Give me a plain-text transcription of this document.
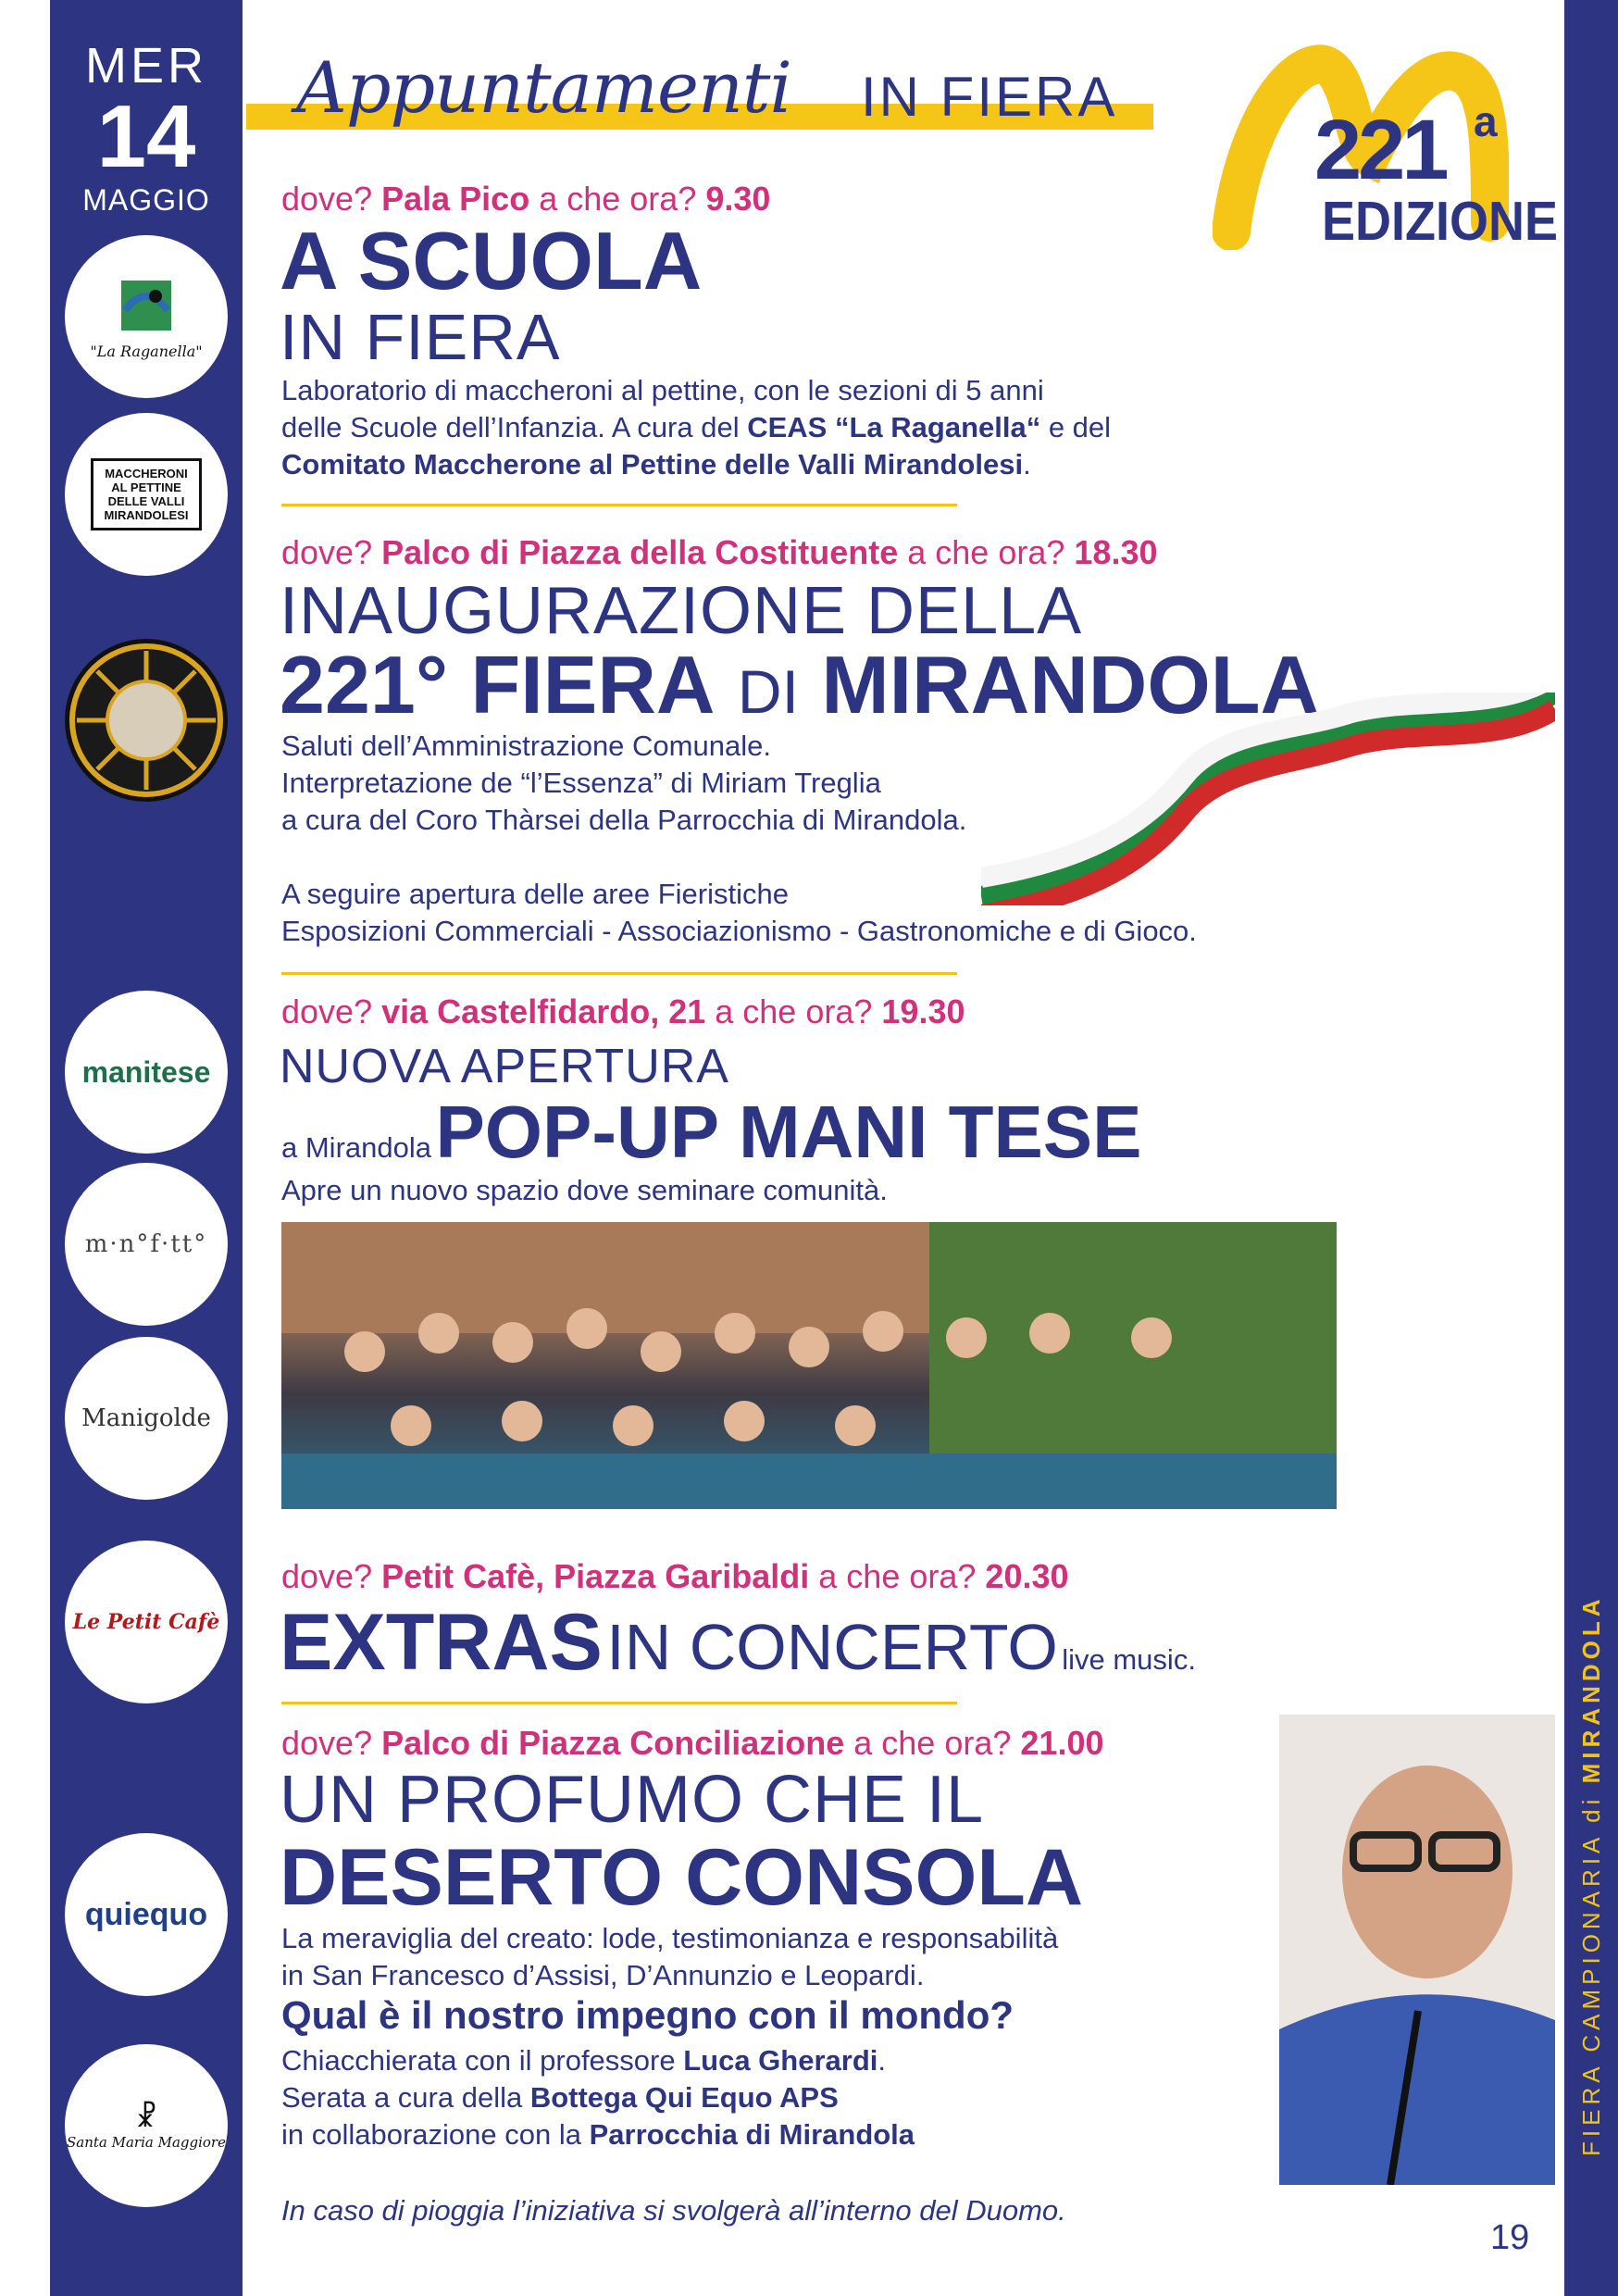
MER
14
MAGGIO
"La Raganella"
MACCHERONI AL PETTINE DELLE VALLI MIRANDOLESI
manitese
m·n°f·tt°
Manigolde
Le Petit Cafè
quiequo
☧
Santa Maria Maggiore	FIERA CAMPIONARIA di MIRANDOLA
Appuntamenti IN FIERA
221 a
EDIZIONE
dove? Pala Pico a che ora? 9.30
A SCUOLA
IN FIERA
Laboratorio di maccheroni al pettine, con le sezioni di 5 anni
delle Scuole dell’Infanzia. A cura del CEAS “La Raganella“ e del
Comitato Maccherone al Pettine delle Valli Mirandolesi.
dove? Palco di Piazza della Costituente a che ora? 18.30
INAUGURAZIONE DELLA
221° FIERA DI MIRANDOLA
Saluti dell’Amministrazione Comunale.
Interpretazione de “l’Essenza” di Miriam Treglia
a cura del Coro Thàrsei della Parrocchia di Mirandola.
A seguire apertura delle aree Fieristiche
Esposizioni Commerciali - Associazionismo - Gastronomiche e di Gioco.
dove? via Castelfidardo, 21 a che ora? 19.30
NUOVA APERTURA
a Mirandola POP-UP MANI TESE
Apre un nuovo spazio dove seminare comunità.
dove? Petit Cafè, Piazza Garibaldi a che ora? 20.30
EXTRAS IN CONCERTO live music.
dove? Palco di Piazza Conciliazione a che ora? 21.00
UN PROFUMO CHE IL
DESERTO CONSOLA
La meraviglia del creato: lode, testimonianza e responsabilità
in San Francesco d’Assisi, D’Annunzio e Leopardi.
Qual è il nostro impegno con il mondo?
Chiacchierata con il professore Luca Gherardi.
Serata a cura della Bottega Qui Equo APS
in collaborazione con la Parrocchia di Mirandola
In caso di pioggia l’iniziativa si svolgerà all’interno del Duomo.
19
